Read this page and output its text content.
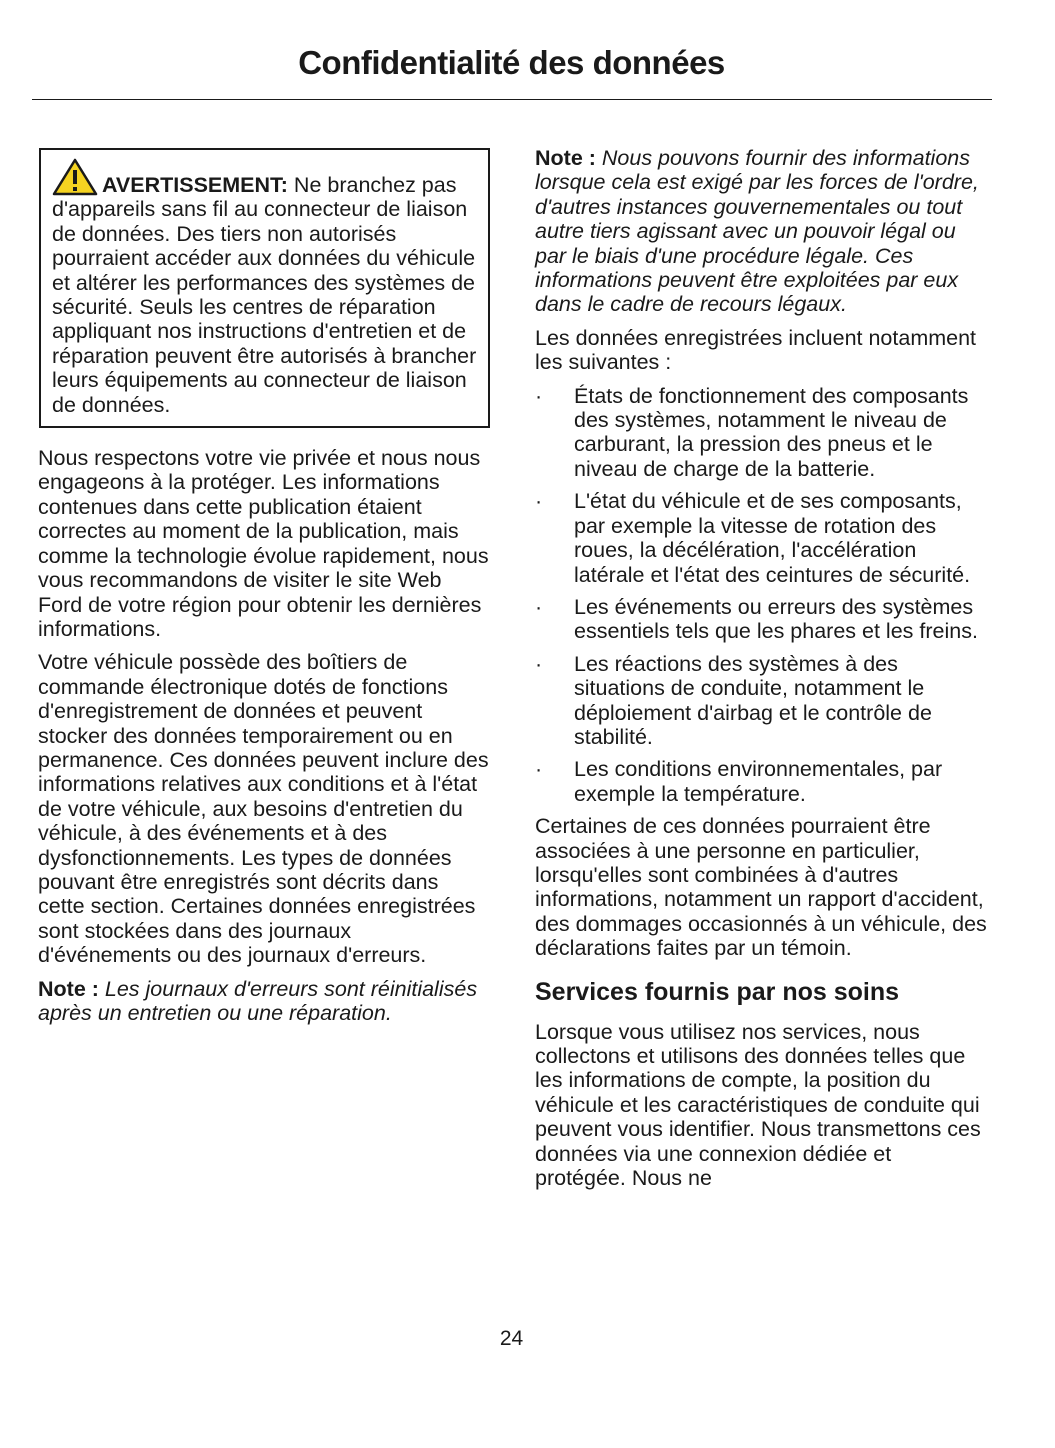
Confidentialité des données
AVERTISSEMENT: Ne branchez pas d'appareils sans fil au connecteur de liaison de données. Des tiers non autorisés pourraient accéder aux données du véhicule et altérer les performances des systèmes de sécurité. Seuls les centres de réparation appliquant nos instructions d'entretien et de réparation peuvent être autorisés à brancher leurs équipements au connecteur de liaison de données.

Nous respectons votre vie privée et nous nous engageons à la protéger. Les informations contenues dans cette publication étaient correctes au moment de la publication, mais comme la technologie évolue rapidement, nous vous recommandons de visiter le site Web Ford de votre région pour obtenir les dernières informations.

Votre véhicule possède des boîtiers de commande électronique dotés de fonctions d'enregistrement de données et peuvent stocker des données temporairement ou en permanence. Ces données peuvent inclure des informations relatives aux conditions et à l'état de votre véhicule, aux besoins d'entretien du véhicule, à des événements et à des dysfonctionnements. Les types de données pouvant être enregistrés sont décrits dans cette section. Certaines données enregistrées sont stockées dans des journaux d'événements ou des journaux d'erreurs.

Note : Les journaux d'erreurs sont réinitialisés après un entretien ou une réparation.

Note : Nous pouvons fournir des informations lorsque cela est exigé par les forces de l'ordre, d'autres instances gouvernementales ou tout autre tiers agissant avec un pouvoir légal ou par le biais d'une procédure légale. Ces informations peuvent être exploitées par eux dans le cadre de recours légaux.

Les données enregistrées incluent notamment les suivantes :

· États de fonctionnement des composants des systèmes, notamment le niveau de carburant, la pression des pneus et le niveau de charge de la batterie.
· L'état du véhicule et de ses composants, par exemple la vitesse de rotation des roues, la décélération, l'accélération latérale et l'état des ceintures de sécurité.
· Les événements ou erreurs des systèmes essentiels tels que les phares et les freins.
· Les réactions des systèmes à des situations de conduite, notamment le déploiement d'airbag et le contrôle de stabilité.
· Les conditions environnementales, par exemple la température.

Certaines de ces données pourraient être associées à une personne en particulier, lorsqu'elles sont combinées à d'autres informations, notamment un rapport d'accident, des dommages occasionnés à un véhicule, des déclarations faites par un témoin.

Services fournis par nos soins

Lorsque vous utilisez nos services, nous collectons et utilisons des données telles que les informations de compte, la position du véhicule et les caractéristiques de conduite qui peuvent vous identifier. Nous transmettons ces données via une connexion dédiée et protégée. Nous ne

24
